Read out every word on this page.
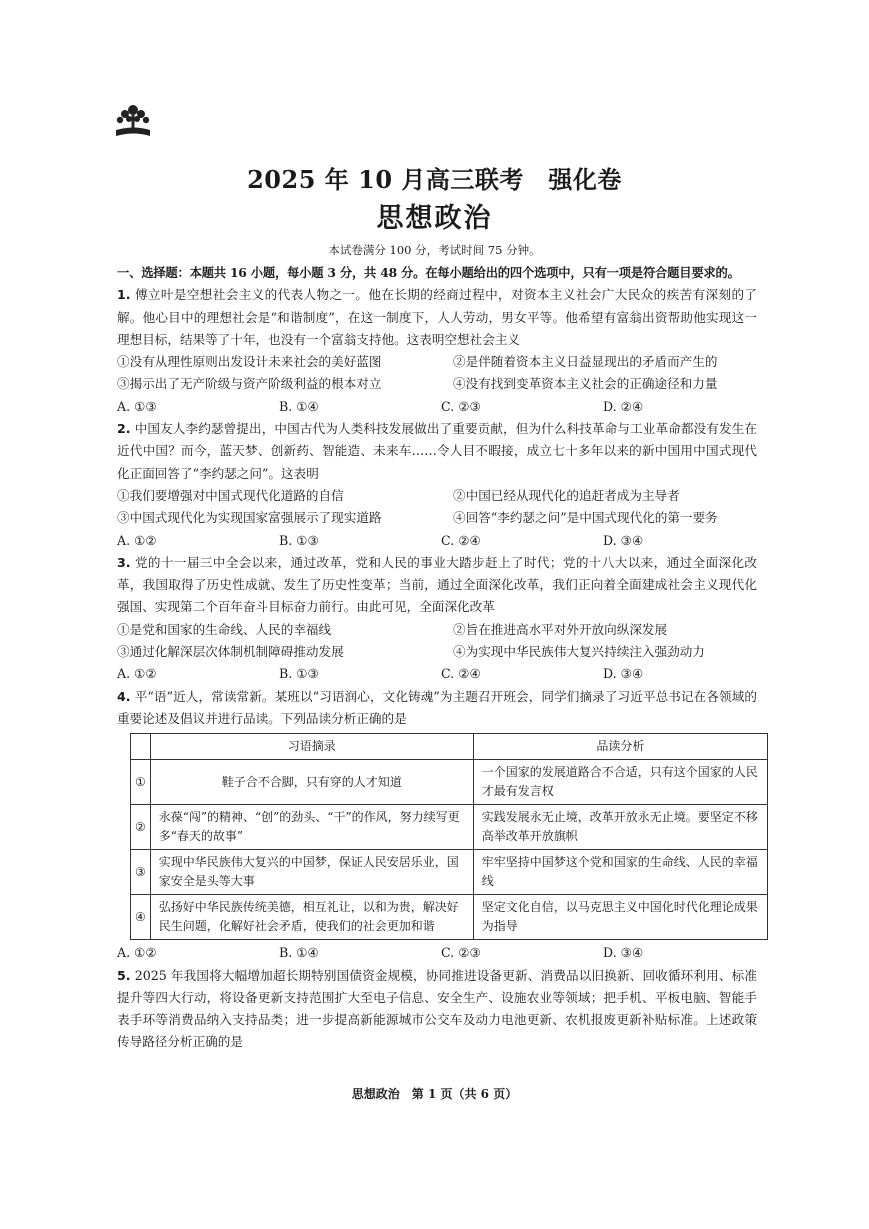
2025 年 10 月高三联考　强化卷
思想政治
本试卷满分 100 分，考试时间 75 分钟。
一、选择题：本题共 16 小题，每小题 3 分，共 48 分。在每小题给出的四个选项中，只有一项是符合题目要求的。

1. 傅立叶是空想社会主义的代表人物之一。他在长期的经商过程中，对资本主义社会广大民众的疾苦有深刻的了解。他心目中的理想社会是“和谐制度”，在这一制度下，人人劳动，男女平等。他希望有富翁出资帮助他实现这一理想目标，结果等了十年，也没有一个富翁支持他。这表明空想社会主义

①没有从理性原则出发设计未来社会的美好蓝图	②是伴随着资本主义日益显现出的矛盾而产生的
③揭示出了无产阶级与资产阶级利益的根本对立	④没有找到变革资本主义社会的正确途径和力量
A. ①③	B. ①④	C. ②③	D. ②④

2. 中国友人李约瑟曾提出，中国古代为人类科技发展做出了重要贡献，但为什么科技革命与工业革命都没有发生在近代中国？而今，蓝天梦、创新药、智能造、未来车……令人目不暇接，成立七十多年以来的新中国用中国式现代化正面回答了“李约瑟之问”。这表明

①我们要增强对中国式现代化道路的自信	②中国已经从现代化的追赶者成为主导者
③中国式现代化为实现国家富强展示了现实道路	④回答“李约瑟之问”是中国式现代化的第一要务
A. ①②	B. ①③	C. ②④	D. ③④

3. 党的十一届三中全会以来，通过改革，党和人民的事业大踏步赶上了时代；党的十八大以来，通过全面深化改革，我国取得了历史性成就、发生了历史性变革；当前，通过全面深化改革，我们正向着全面建成社会主义现代化强国、实现第二个百年奋斗目标奋力前行。由此可见，全面深化改革

①是党和国家的生命线、人民的幸福线	②旨在推进高水平对外开放向纵深发展
③通过化解深层次体制机制障碍推动发展	④为实现中华民族伟大复兴持续注入强劲动力
A. ①②	B. ①③	C. ②④	D. ③④

4. 平“语”近人，常读常新。某班以“习语润心，文化铸魂”为主题召开班会，同学们摘录了习近平总书记在各领域的重要论述及倡议并进行品读。下列品读分析正确的是

	习语摘录	品读分析
①	鞋子合不合脚，只有穿的人才知道	一个国家的发展道路合不合适，只有这个国家的人民才最有发言权
②	永葆“闯”的精神、“创”的劲头、“干”的作风，努力续写更多“春天的故事”	实践发展永无止境，改革开放永无止境。要坚定不移高举改革开放旗帜
③	实现中华民族伟大复兴的中国梦，保证人民安居乐业，国家安全是头等大事	牢牢坚持中国梦这个党和国家的生命线、人民的幸福线
④	弘扬好中华民族传统美德，相互礼让，以和为贵，解决好民生问题，化解好社会矛盾，使我们的社会更加和谐	坚定文化自信，以马克思主义中国化时代化理论成果为指导
A. ①②	B. ①④	C. ②③	D. ③④

5. 2025 年我国将大幅增加超长期特别国债资金规模，协同推进设备更新、消费品以旧换新、回收循环利用、标准提升等四大行动，将设备更新支持范围扩大至电子信息、安全生产、设施农业等领域；把手机、平板电脑、智能手表手环等消费品纳入支持品类；进一步提高新能源城市公交车及动力电池更新、农机报废更新补贴标准。上述政策传导路径分析正确的是

思想政治　第 1 页（共 6 页）
